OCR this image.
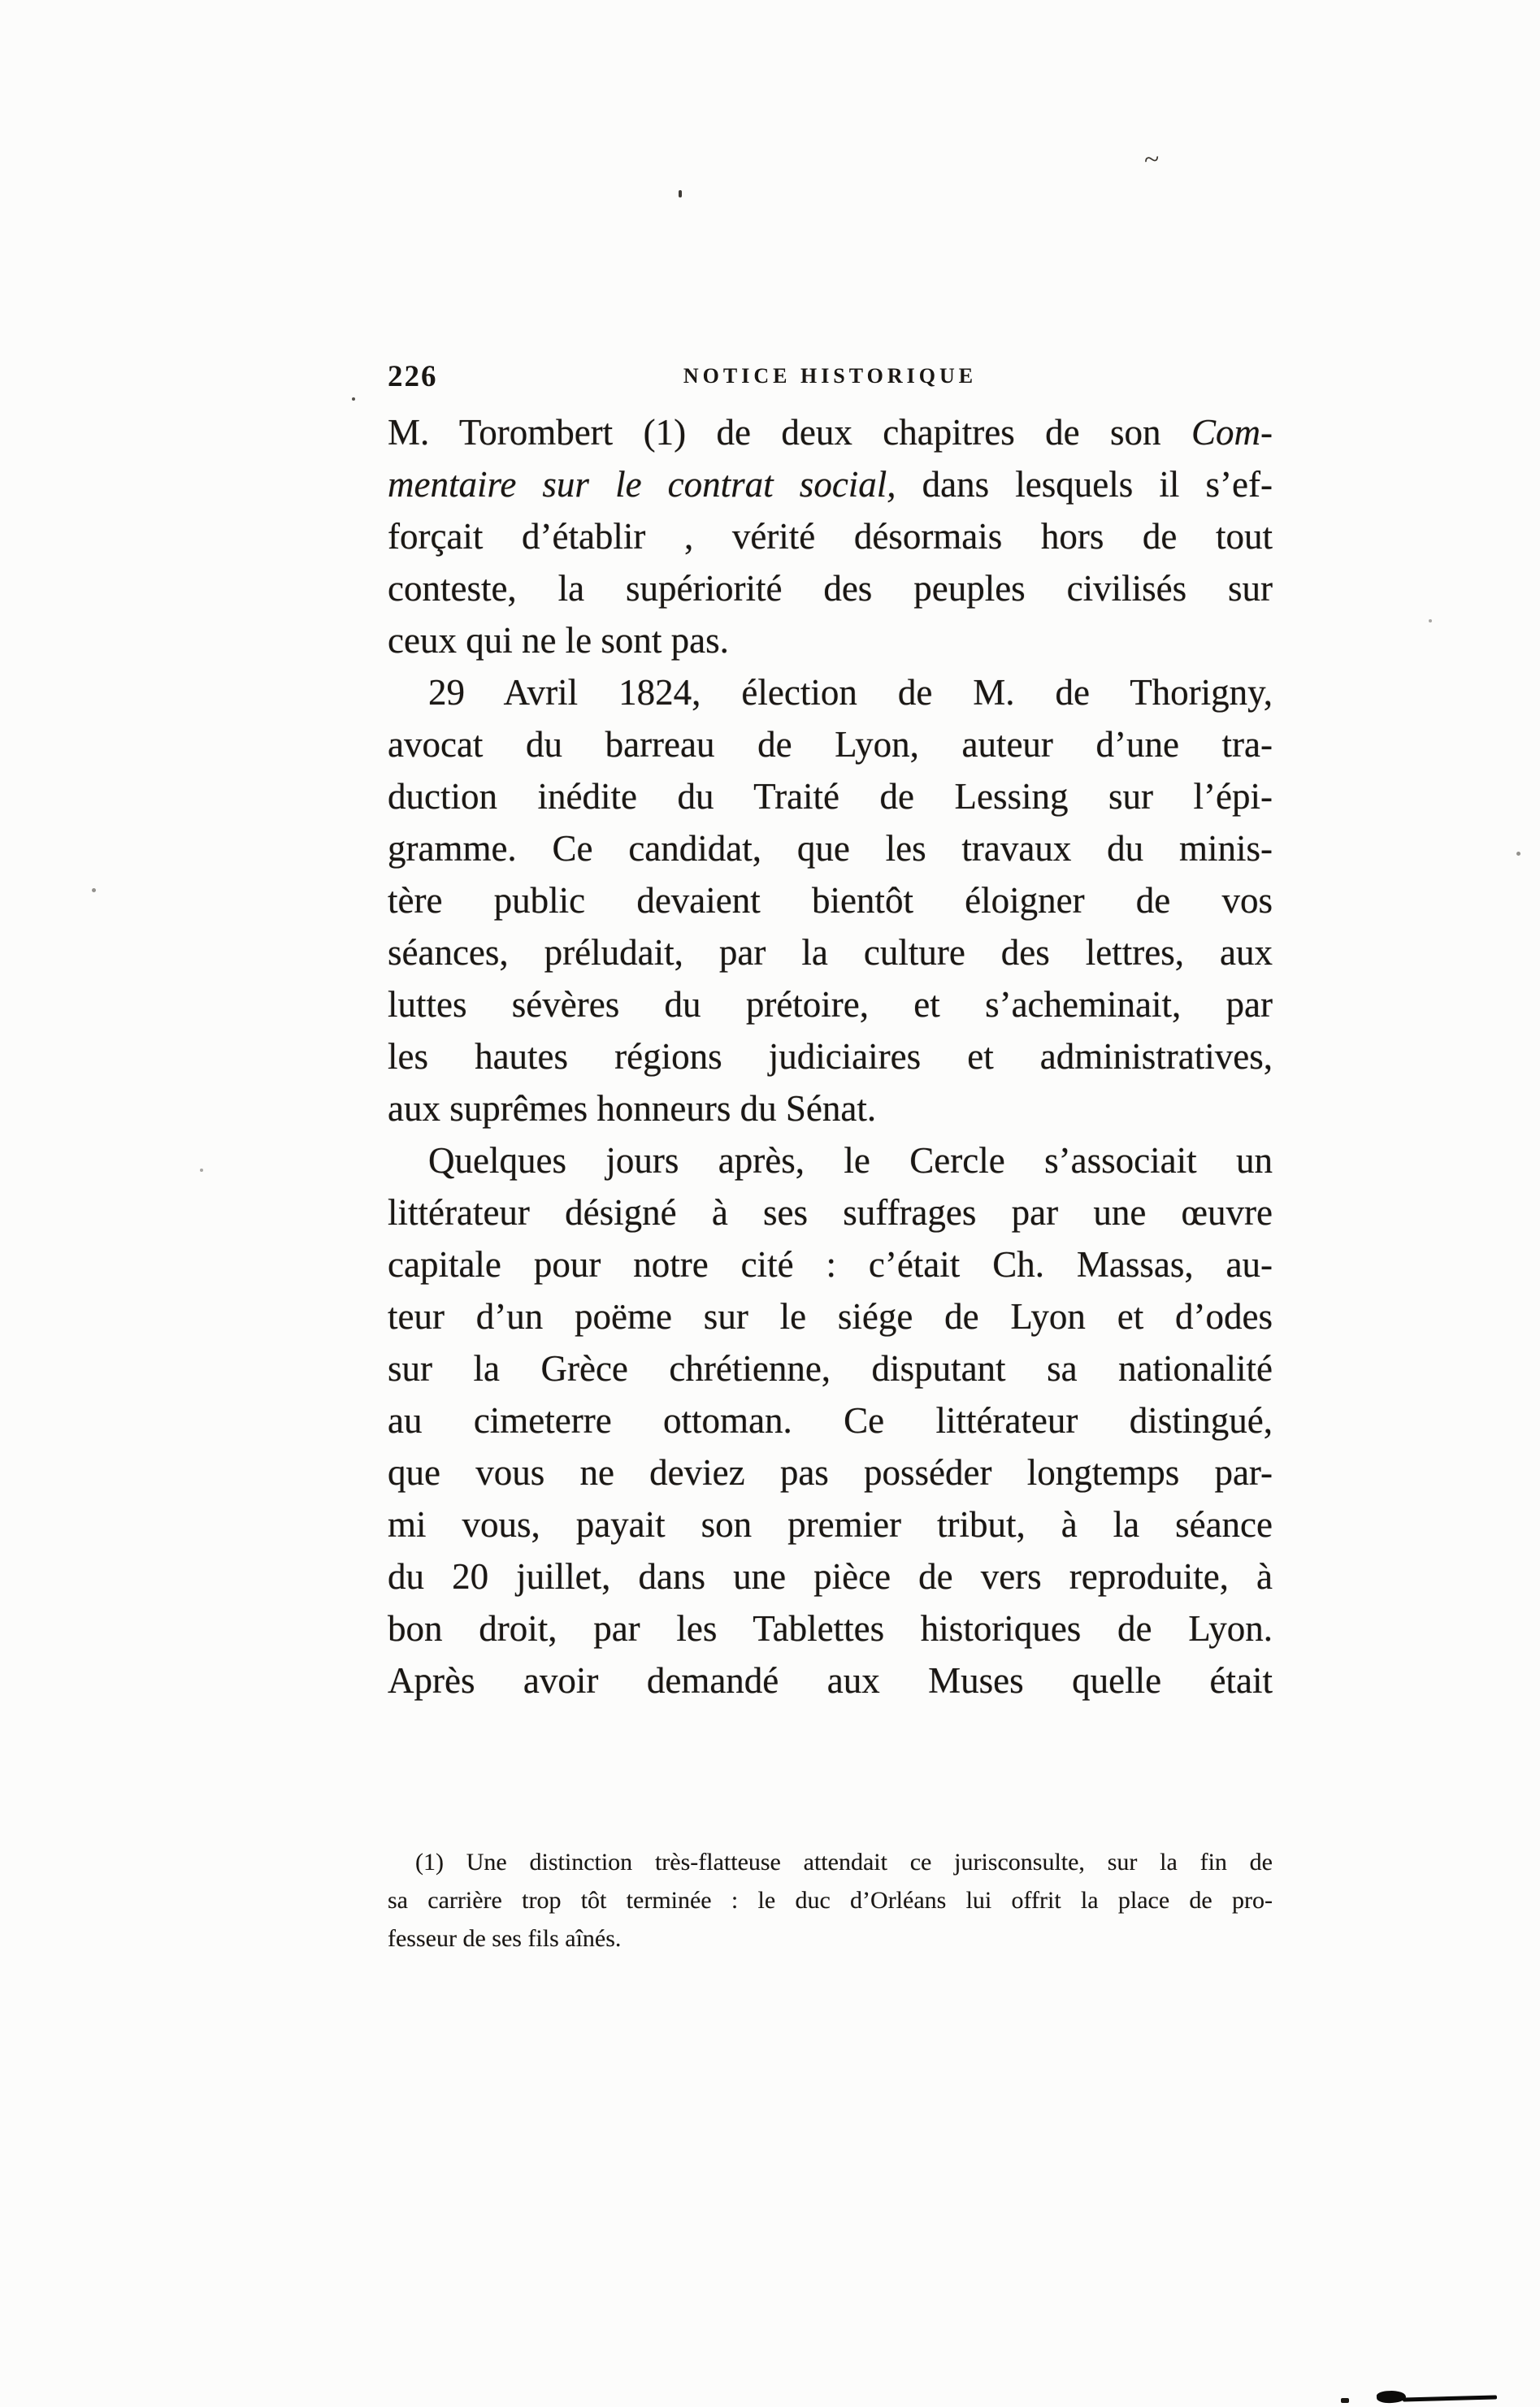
226	NOTICE HISTORIQUE
M. Torombert (1) de deux chapitres de son Com-
mentaire sur le contrat social, dans lesquels il s’ef-
forçait d’établir , vérité désormais hors de tout
conteste, la supériorité des peuples civilisés sur
ceux qui ne le sont pas.
29 Avril 1824, élection de M. de Thorigny,
avocat du barreau de Lyon, auteur d’une tra-
duction inédite du Traité de Lessing sur l’épi-
gramme. Ce candidat, que les travaux du minis-
tère public devaient bientôt éloigner de vos
séances, préludait, par la culture des lettres, aux
luttes sévères du prétoire, et s’acheminait, par
les hautes régions judiciaires et administratives,
aux suprêmes honneurs du Sénat.
Quelques jours après, le Cercle s’associait un
littérateur désigné à ses suffrages par une œuvre
capitale pour notre cité : c’était Ch. Massas, au-
teur d’un poëme sur le siége de Lyon et d’odes
sur la Grèce chrétienne, disputant sa nationalité
au cimeterre ottoman. Ce littérateur distingué,
que vous ne deviez pas posséder longtemps par-
mi vous, payait son premier tribut, à la séance
du 20 juillet, dans une pièce de vers reproduite, à
bon droit, par les Tablettes historiques de Lyon.
Après avoir demandé aux Muses quelle était
(1) Une distinction très-flatteuse attendait ce jurisconsulte, sur la fin de
sa carrière trop tôt terminée : le duc d’Orléans lui offrit la place de pro-
fesseur de ses fils aînés.
~
